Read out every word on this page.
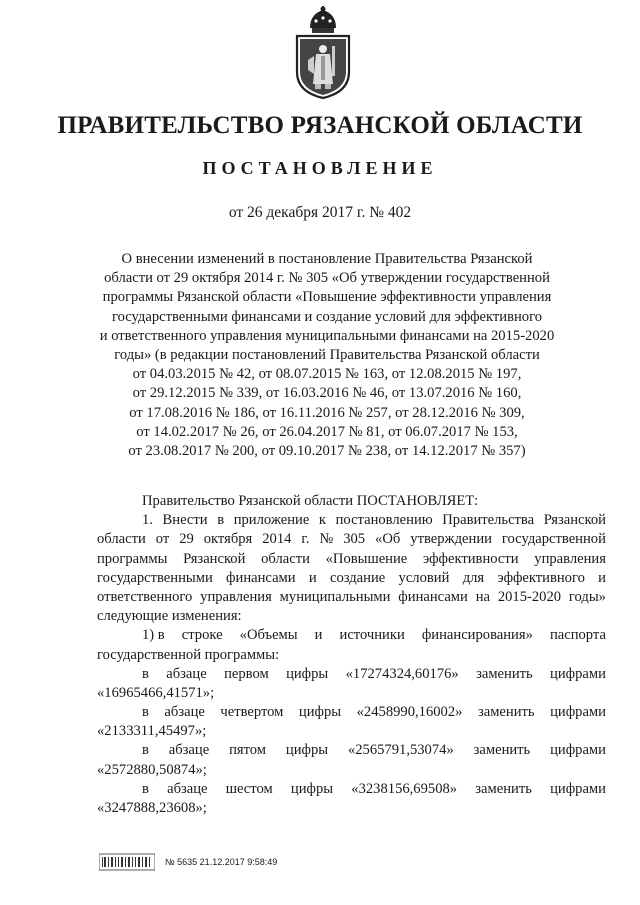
ПРАВИТЕЛЬСТВО РЯЗАНСКОЙ ОБЛАСТИ
ПОСТАНОВЛЕНИЕ
от 26 декабря 2017 г. № 402
О внесении изменений в постановление Правительства Рязанской
области от 29 октября 2014 г. № 305 «Об утверждении государственной
программы Рязанской области «Повышение эффективности управления
государственными финансами и создание условий для эффективного
и ответственного управления муниципальными финансами на 2015-2020
годы» (в редакции постановлений Правительства Рязанской области
от 04.03.2015 № 42, от 08.07.2015 № 163, от 12.08.2015 № 197,
от 29.12.2015 № 339, от 16.03.2016 № 46, от 13.07.2016 № 160,
от 17.08.2016 № 186, от 16.11.2016 № 257, от 28.12.2016 № 309,
от 14.02.2017 № 26, от 26.04.2017 № 81, от 06.07.2017 № 153,
от 23.08.2017 № 200, от 09.10.2017 № 238, от 14.12.2017 № 357)
Правительство Рязанской области ПОСТАНОВЛЯЕТ:
1. Внести в приложение к постановлению Правительства Рязанской
области от 29 октября 2014 г. № 305 «Об утверждении государственной
программы Рязанской области «Повышение эффективности управления
государственными финансами и создание условий для эффективного и
ответственного управления муниципальными финансами на 2015-2020 годы»
следующие изменения:
1) в строке «Объемы и источники финансирования» паспорта
государственной программы:
в абзаце первом цифры «17274324,60176» заменить цифрами
«16965466,41571»;
в абзаце четвертом цифры «2458990,16002» заменить цифрами
«2133311,45497»;
в абзаце пятом цифры «2565791,53074» заменить цифрами
«2572880,50874»;
в абзаце шестом цифры «3238156,69508» заменить цифрами
«3247888,23608»;
№ 5635 21.12.2017 9:58:49
